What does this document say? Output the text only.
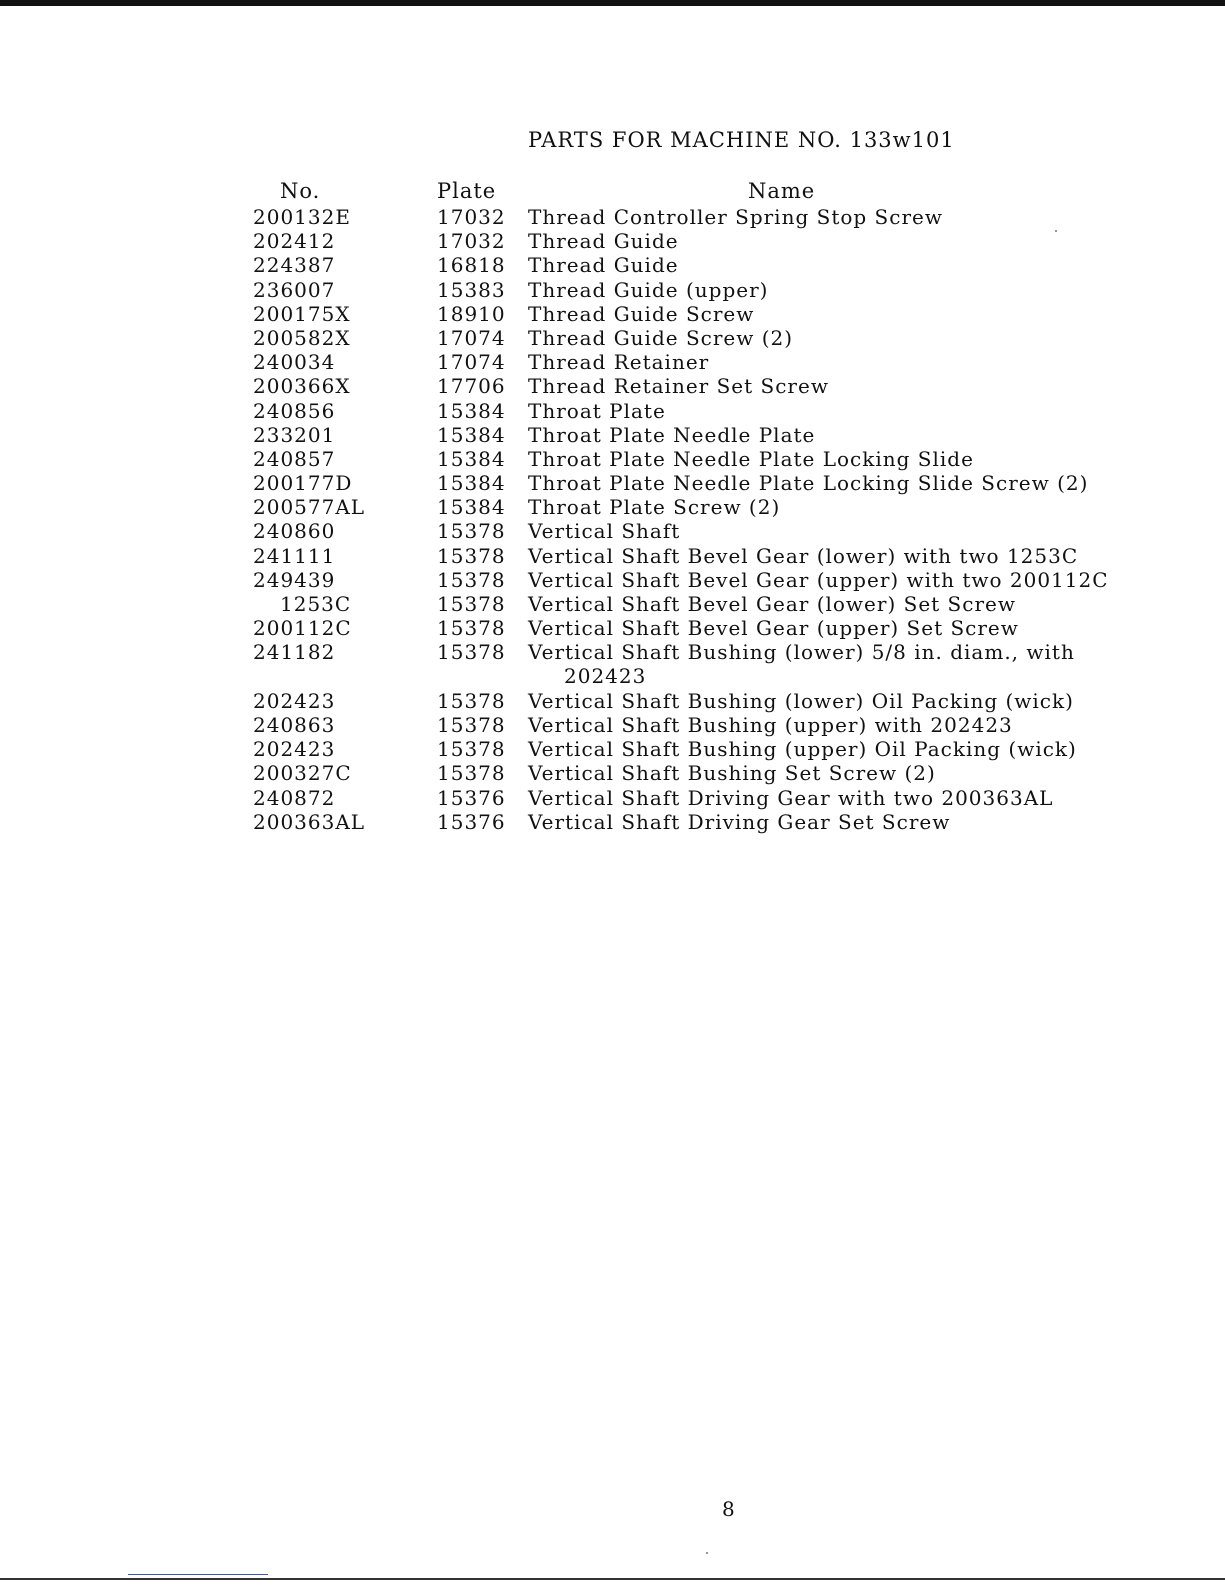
PARTS FOR MACHINE NO. 133w101
No.	Plate	Name
200132E	17032 Thread Controller Spring Stop Screw
202412	17032 Thread Guide
224387	16818 Thread Guide
236007	15383 Thread Guide (upper)
200175X	18910 Thread Guide Screw
200582X	17074 Thread Guide Screw (2)
240034	17074 Thread Retainer
200366X	17706 Thread Retainer Set Screw
240856	15384 Throat Plate
233201	15384 Throat Plate Needle Plate
240857	15384 Throat Plate Needle Plate Locking Slide
200177D	15384 Throat Plate Needle Plate Locking Slide Screw (2)
200577AL	15384 Throat Plate Screw (2)
240860	15378 Vertical Shaft
241111	15378 Vertical Shaft Bevel Gear (lower) with two 1253C
249439	15378 Vertical Shaft Bevel Gear (upper) with two 200112C
1253C	15378 Vertical Shaft Bevel Gear (lower) Set Screw
200112C	15378 Vertical Shaft Bevel Gear (upper) Set Screw
241182	15378 Vertical Shaft Bushing (lower) 5/8 in. diam., with
202423
202423	15378 Vertical Shaft Bushing (lower) Oil Packing (wick)
240863	15378 Vertical Shaft Bushing (upper) with 202423
202423	15378 Vertical Shaft Bushing (upper) Oil Packing (wick)
200327C	15378 Vertical Shaft Bushing Set Screw (2)
240872	15376 Vertical Shaft Driving Gear with two 200363AL
200363AL	15376 Vertical Shaft Driving Gear Set Screw
8
